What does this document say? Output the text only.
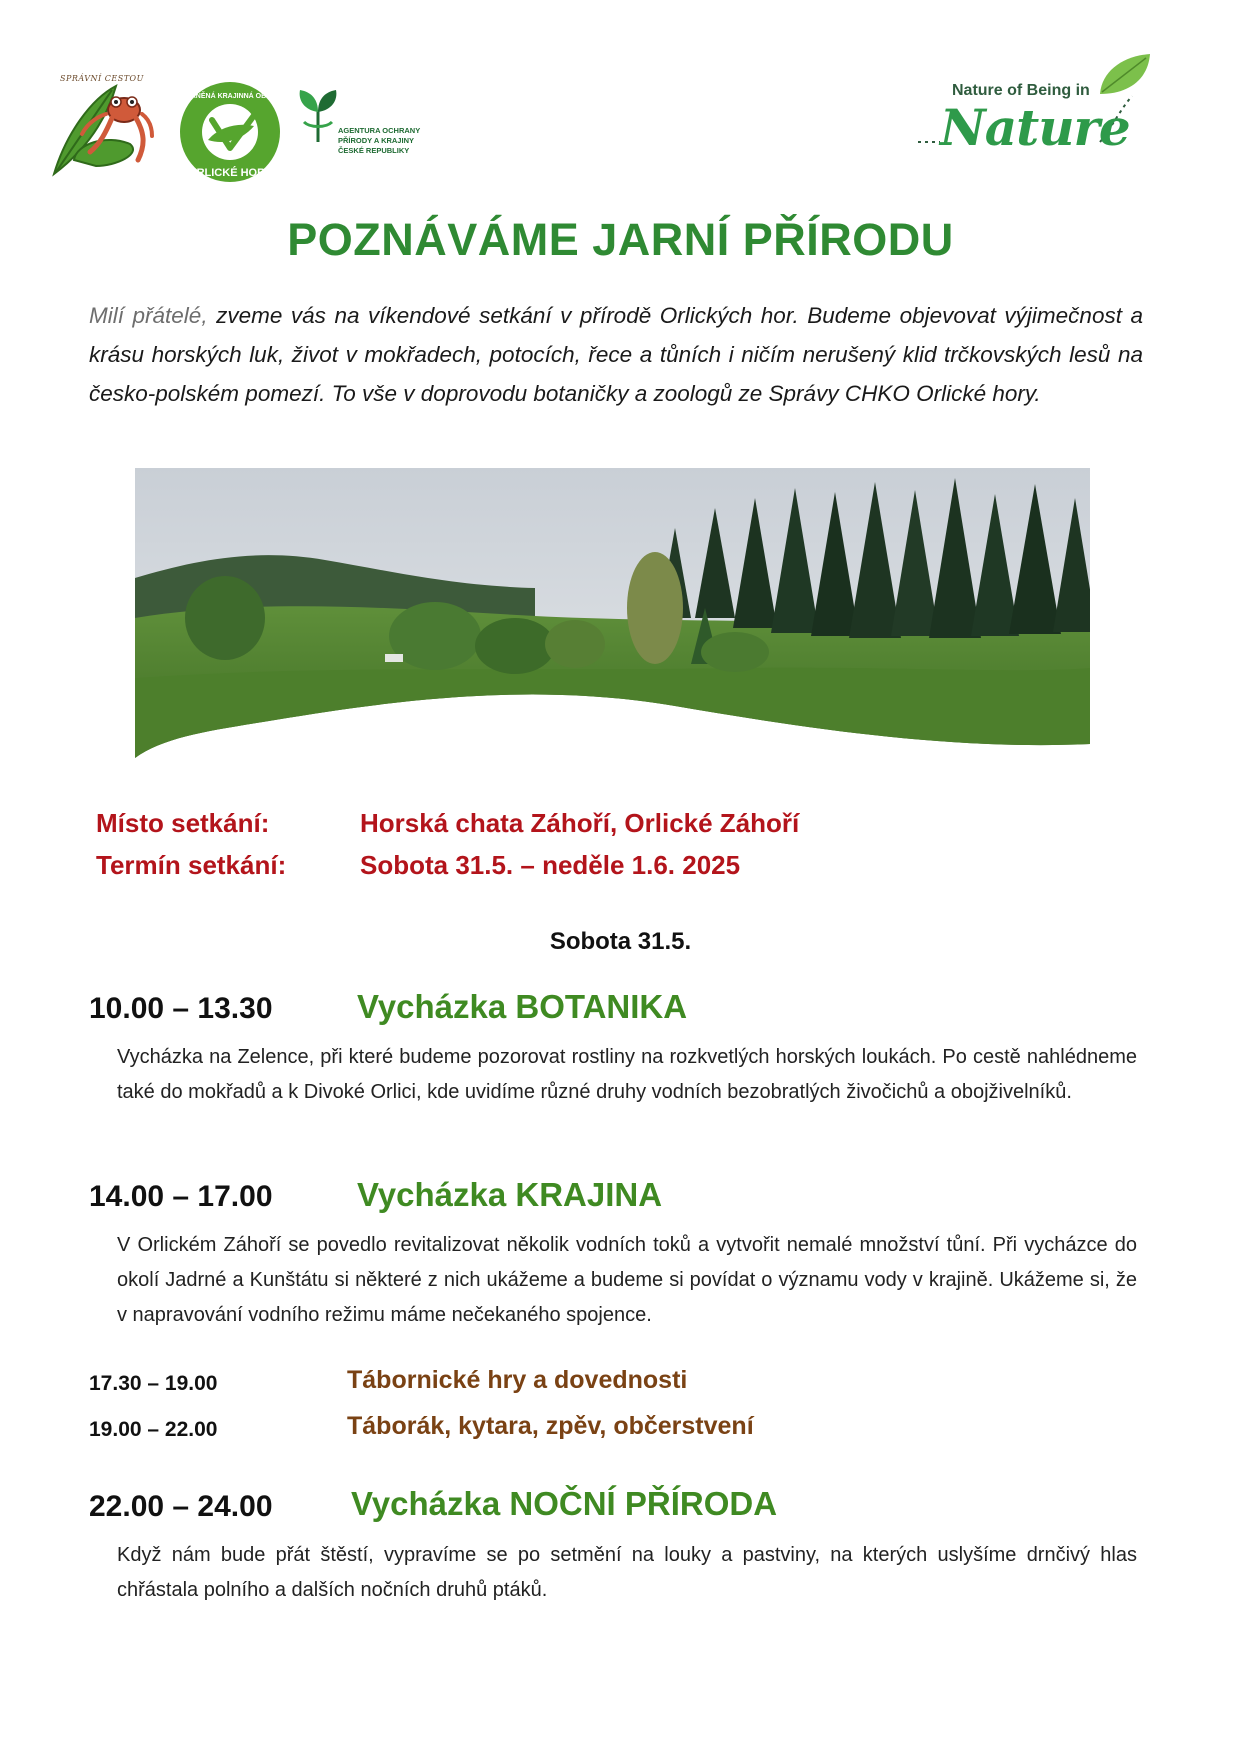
SPRÁVNÍ CESTOU
CHRÁNĚNÁ KRAJINNÁ OBLAST
ORLICKÉ HORY
AGENTURA OCHRANY
PŘÍRODY A KRAJINY
ČESKÉ REPUBLIKY
Nature of Being in
Nature
POZNÁVÁME JARNÍ PŘÍRODU
Milí přátelé, zveme vás na víkendové setkání v přírodě Orlických hor. Budeme objevovat výjimečnost a krásu horských luk, život v mokřadech, potocích, řece a tůních i ničím nerušený klid trčkovských lesů na česko-polském pomezí. To vše v doprovodu botaničky a zoologů ze Správy CHKO Orlické hory.
Místo setkání:	Horská chata Záhoří, Orlické Záhoří
Termín setkání:	Sobota 31.5. – neděle 1.6. 2025
Sobota 31.5.
10.00 – 13.30	Vycházka BOTANIKA
Vycházka na Zelence, při které budeme pozorovat rostliny na rozkvetlých horských loukách. Po cestě nahlédneme také do mokřadů a k Divoké Orlici, kde uvidíme různé druhy vodních bezobratlých živočichů a obojživelníků.
14.00 – 17.00	Vycházka KRAJINA
V Orlickém Záhoří se povedlo revitalizovat několik vodních toků a vytvořit nemalé množství tůní. Při vycházce do okolí Jadrné a Kunštátu si některé z nich ukážeme a budeme si povídat o významu vody v krajině. Ukážeme si, že v napravování vodního režimu máme nečekaného spojence.
17.30 – 19.00	Tábornické hry a dovednosti
19.00 – 22.00	Táborák, kytara, zpěv, občerstvení
22.00 – 24.00 Vycházka NOČNÍ PŘÍRODA
Když nám bude přát štěstí, vypravíme se po setmění na louky a pastviny, na kterých uslyšíme drnčivý hlas chřástala polního a dalších nočních druhů ptáků.
